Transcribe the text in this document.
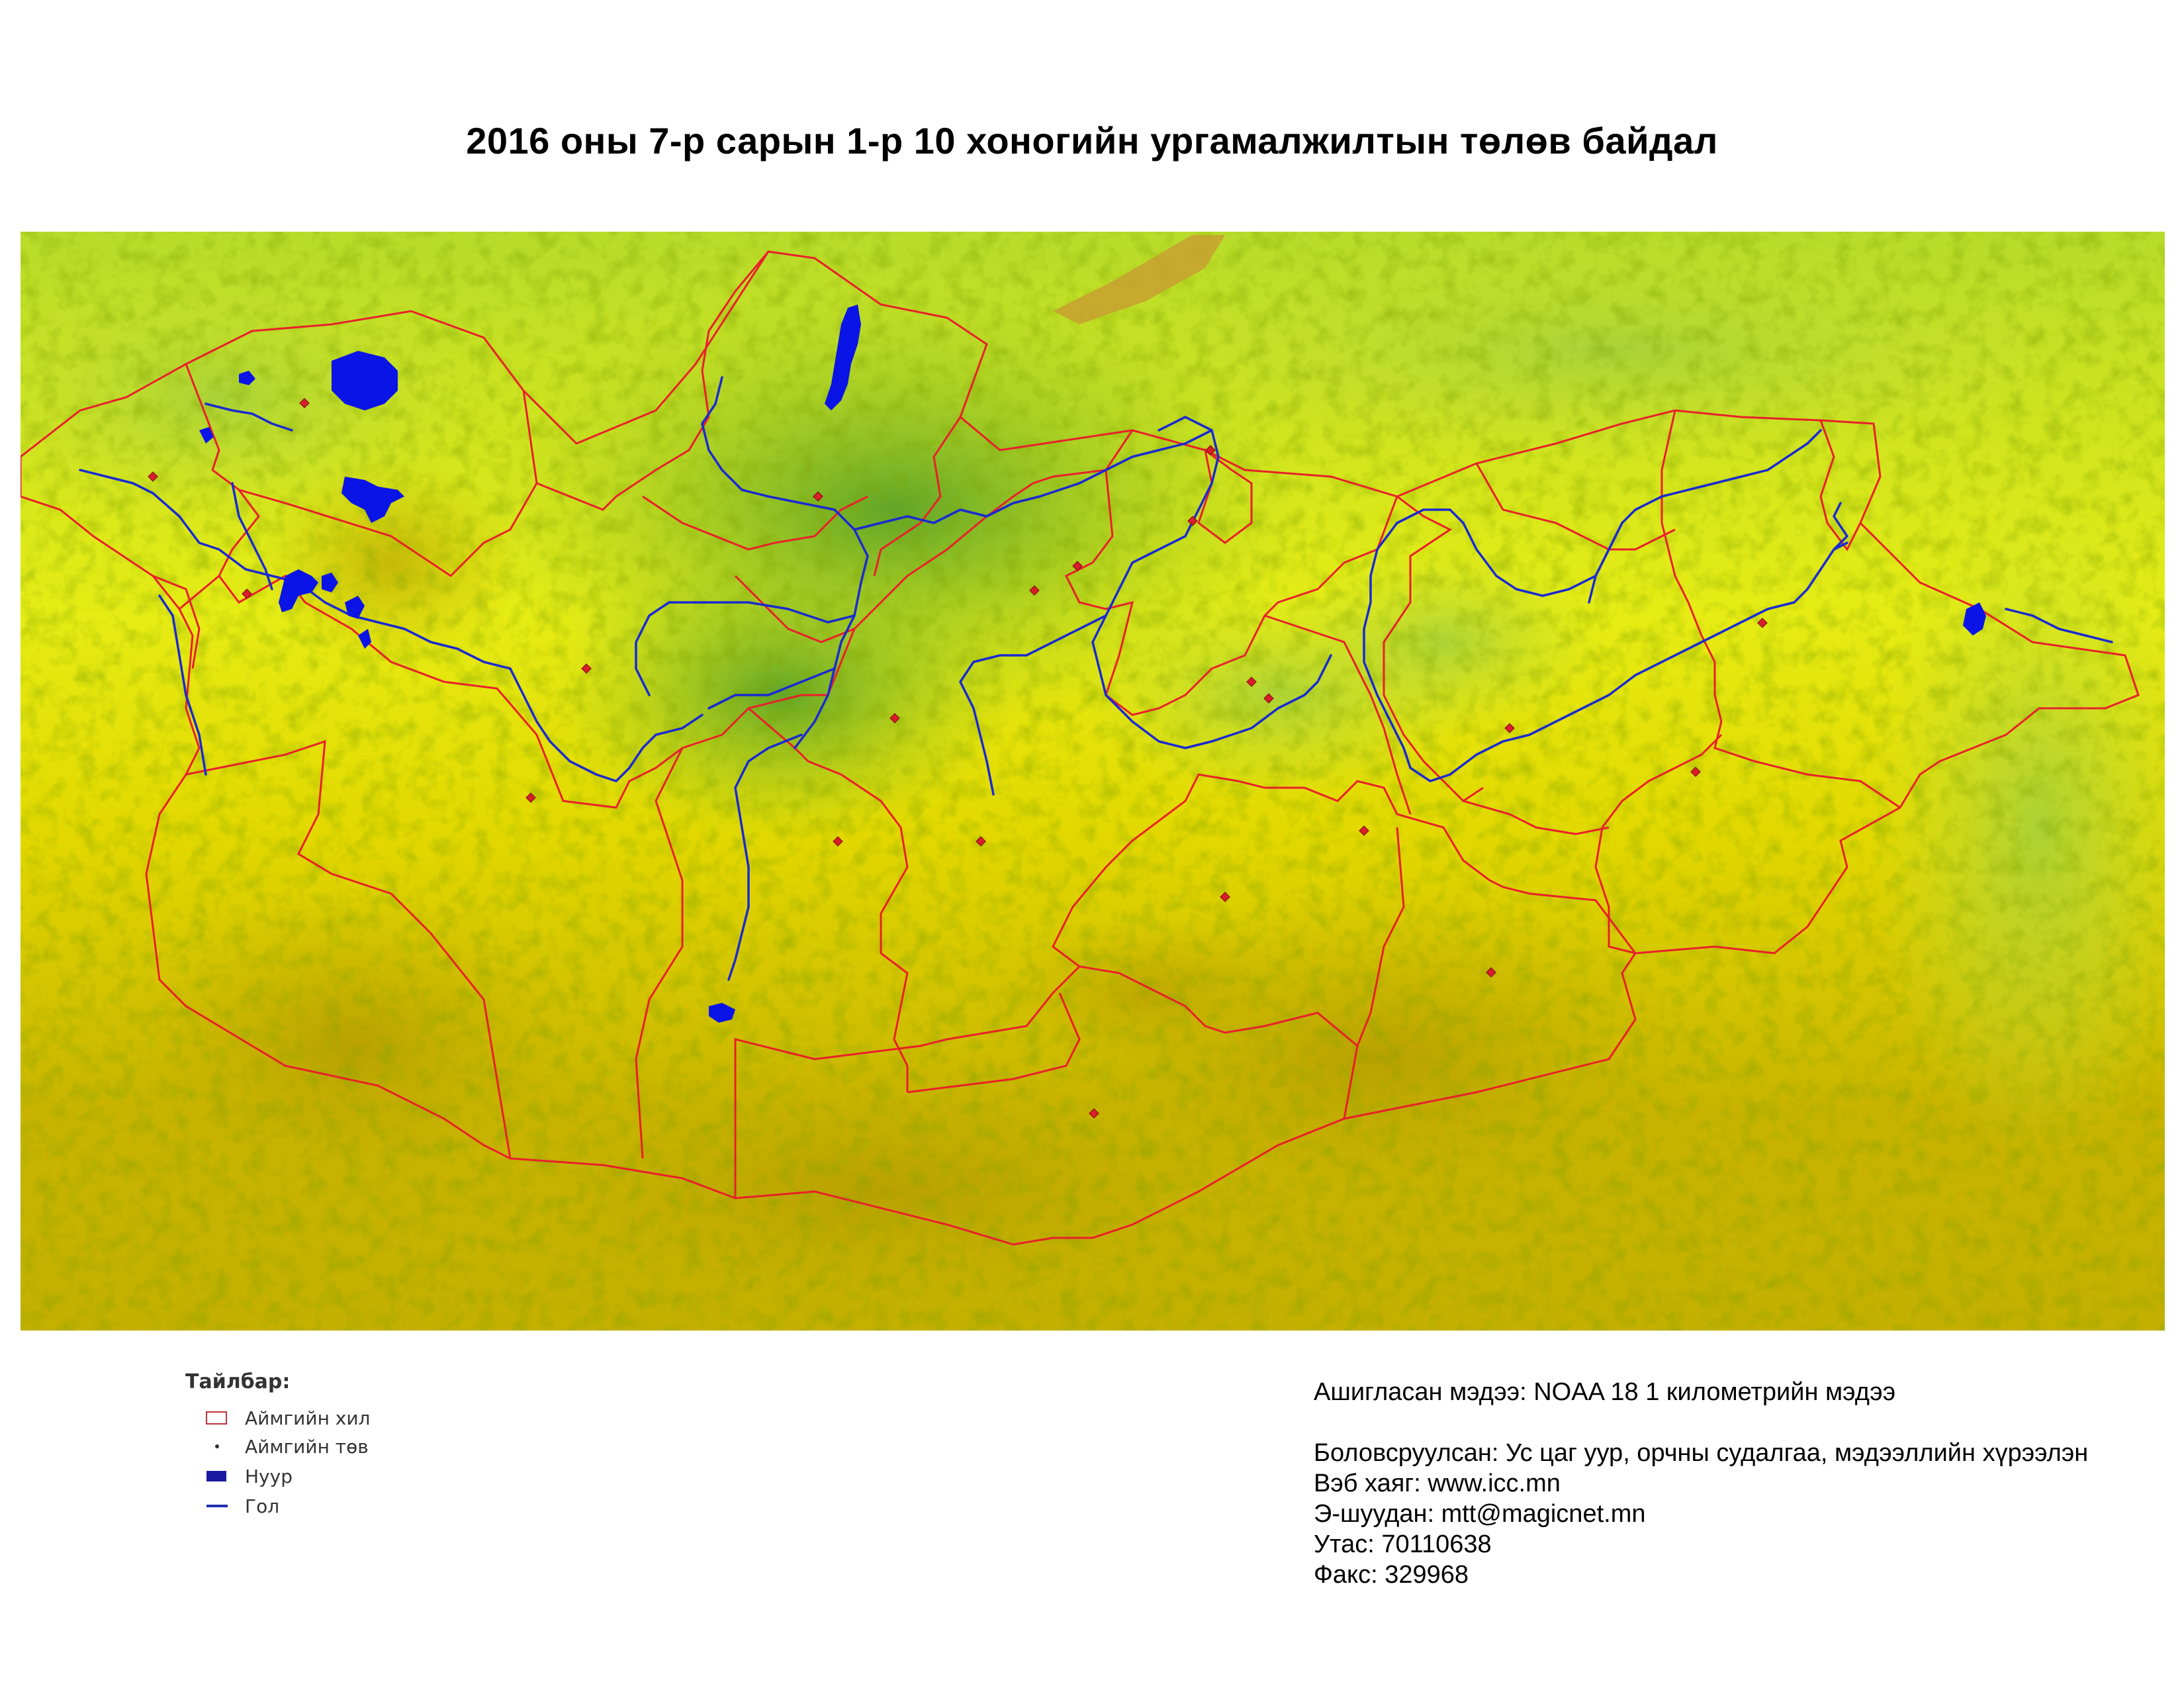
2016 оны 7-р сарын 1-р 10 хоногийн ургамалжилтын төлөв байдал
Тайлбар:
Аймгийн хил
Аймгийн төв
Нуур
Гол
Ашигласан мэдээ: NOAA 18 1 километрийн мэдээ
Боловсруулсан: Ус цаг уур, орчны судалгаа, мэдээллийн хүрээлэн
Вэб хаяг: www.icc.mn
Э-шуудан: mtt@magicnet.mn
Утас: 70110638
Факс: 329968
